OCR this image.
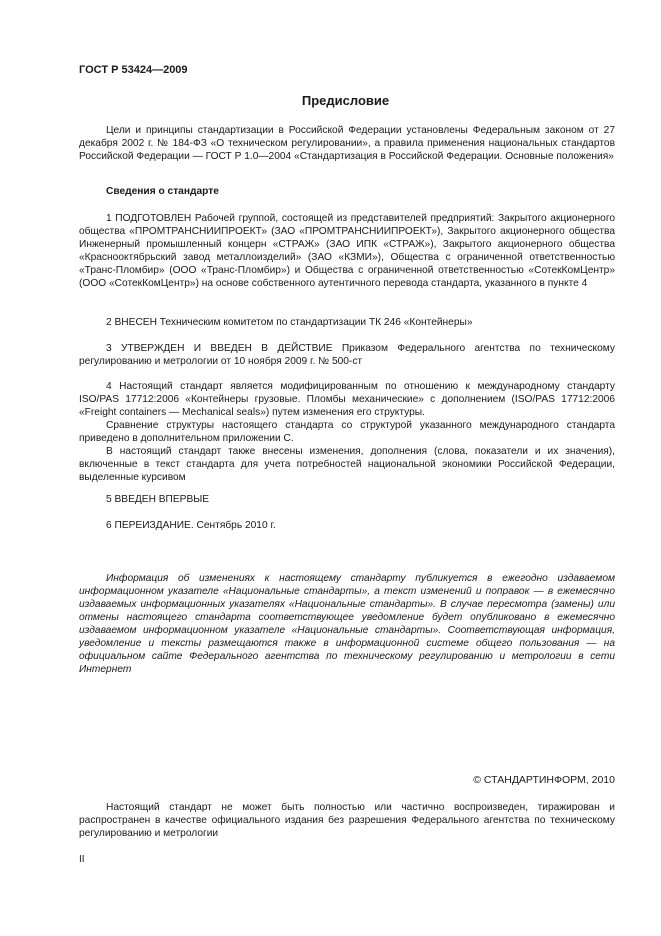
ГОСТ Р 53424—2009
Предисловие

Цели и принципы стандартизации в Российской Федерации установлены Федеральным законом от 27 декабря 2002 г. № 184-ФЗ «О техническом регулировании», а правила применения национальных стандартов Российской Федерации — ГОСТ Р 1.0—2004 «Стандартизация в Российской Федерации. Основные положения»

Сведения о стандарте

1 ПОДГОТОВЛЕН Рабочей группой, состоящей из представителей предприятий: Закрытого акционерного общества «ПРОМТРАНСНИИПРОЕКТ» (ЗАО «ПРОМТРАНСНИИПРОЕКТ»), Закрытого акционерного общества Инженерный промышленный концерн «СТРАЖ» (ЗАО ИПК «СТРАЖ»), Закрытого акционерного общества «Краснооктябрьский завод металлоизделий» (ЗАО «КЗМИ»), Общества с ограниченной ответственностью «Транс-Пломбир» (ООО «Транс-Пломбир») и Общества с ограниченной ответственностью «СотекКомЦентр» (ООО «СотекКомЦентр») на основе собственного аутентичного перевода стандарта, указанного в пункте 4

2 ВНЕСЕН Техническим комитетом по стандартизации ТК 246 «Контейнеры»

3 УТВЕРЖДЕН И ВВЕДЕН В ДЕЙСТВИЕ Приказом Федерального агентства по техническому регулированию и метрологии от 10 ноября 2009 г. № 500-ст

4 Настоящий стандарт является модифицированным по отношению к международному стандарту ISO/PAS 17712:2006 «Контейнеры грузовые. Пломбы механические» с дополнением (ISO/PAS 17712:2006 «Freight containers — Mechanical seals») путем изменения его структуры.

Сравнение структуры настоящего стандарта со структурой указанного международного стандарта приведено в дополнительном приложении С.

В настоящий стандарт также внесены изменения, дополнения (слова, показатели и их значения), включенные в текст стандарта для учета потребностей национальной экономики Российской Федерации, выделенные курсивом

5 ВВЕДЕН ВПЕРВЫЕ

6 ПЕРЕИЗДАНИЕ. Сентябрь 2010 г.

Информация об изменениях к настоящему стандарту публикуется в ежегодно издаваемом информационном указателе «Национальные стандарты», а текст изменений и поправок — в ежемесячно издаваемых информационных указателях «Национальные стандарты». В случае пересмотра (замены) или отмены настоящего стандарта соответствующее уведомление будет опубликовано в ежемесячно издаваемом информационном указателе «Национальные стандарты». Соответствующая информация, уведомление и тексты размещаются также в информационной системе общего пользования — на официальном сайте Федерального агентства по техническому регулированию и метрологии в сети Интернет

© СТАНДАРТИНФОРМ, 2010

Настоящий стандарт не может быть полностью или частично воспроизведен, тиражирован и распространен в качестве официального издания без разрешения Федерального агентства по техническому регулированию и метрологии

II
